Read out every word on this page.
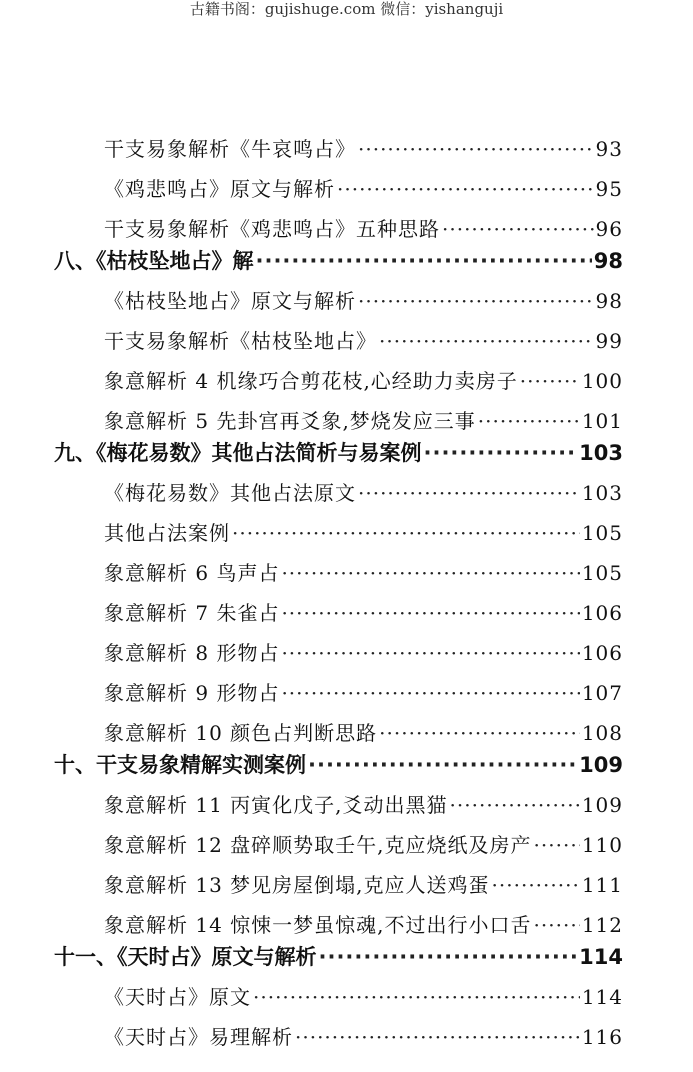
古籍书阁：gujishuge.com 微信：yishanguji
干支易象解析《牛哀鸣占》 ·····	93
《鸡悲鸣占》原文与解析 ·····	95
干支易象解析《鸡悲鸣占》五种思路 ·····	96
八、《枯枝坠地占》解 ·····	98
《枯枝坠地占》原文与解析 ·····	98
干支易象解析《枯枝坠地占》 ·····	99
象意解析 4 机缘巧合剪花枝,心经助力卖房子 ·····	100
象意解析 5 先卦宫再爻象,梦烧发应三事 ·····	101
九、《梅花易数》其他占法简析与易案例 ·····	103
《梅花易数》其他占法原文 ·····	103
其他占法案例 ·····	105
象意解析 6 鸟声占 ·····	105
象意解析 7 朱雀占 ·····	106
象意解析 8 形物占 ·····	106
象意解析 9 形物占 ·····	107
象意解析 10 颜色占判断思路 ·····	108
十、干支易象精解实测案例 ·····	109
象意解析 11 丙寅化戊子,爻动出黑猫 ·····	109
象意解析 12 盘碎顺势取壬午,克应烧纸及房产 ·····	110
象意解析 13 梦见房屋倒塌,克应人送鸡蛋 ·····	111
象意解析 14 惊悚一梦虽惊魂,不过出行小口舌 ·····	112
十一、《天时占》原文与解析 ·····	114
《天时占》原文 ·····	114
《天时占》易理解析 ·····	116
